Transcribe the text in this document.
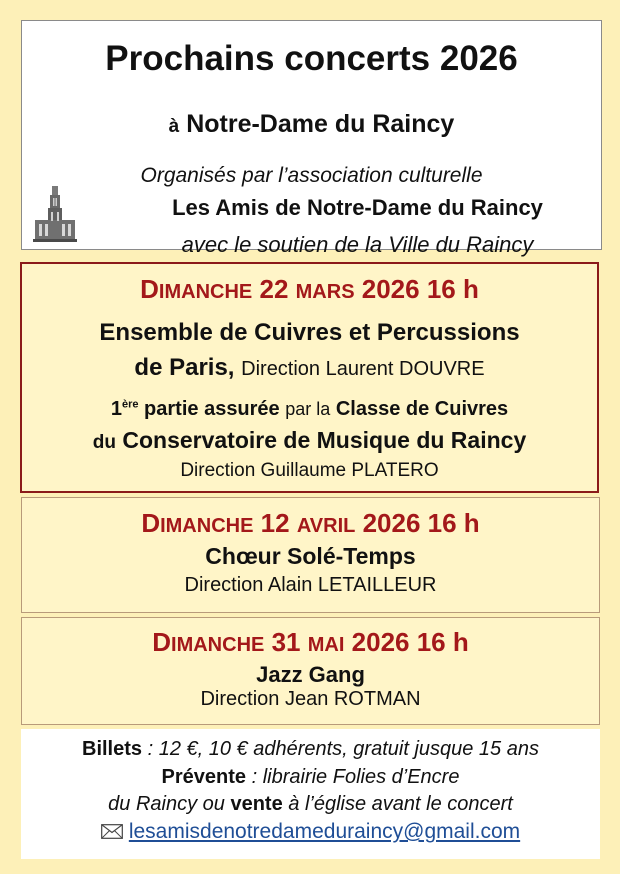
Prochains concerts 2026
à Notre-Dame du Raincy
Organisés par l’association culturelle
Les Amis de Notre-Dame du Raincy
avec le soutien de la Ville du Raincy
DIMANCHE 22 MARS 2026 16 h
Ensemble de Cuivres et Percussions
de Paris, Direction Laurent DOUVRE
1ère partie assurée par la Classe de Cuivres
du Conservatoire de Musique du Raincy
Direction Guillaume PLATERO
DIMANCHE 12 AVRIL 2026 16 h
Chœur Solé-Temps
Direction Alain LETAILLEUR
DIMANCHE 31 MAI 2026 16 h
Jazz Gang
Direction Jean ROTMAN
Billets : 12 €, 10 € adhérents, gratuit jusque 15 ans
Prévente : librairie Folies d’Encre
du Raincy ou vente à l’église avant le concert
lesamisdenotredameduraincy@gmail.com
